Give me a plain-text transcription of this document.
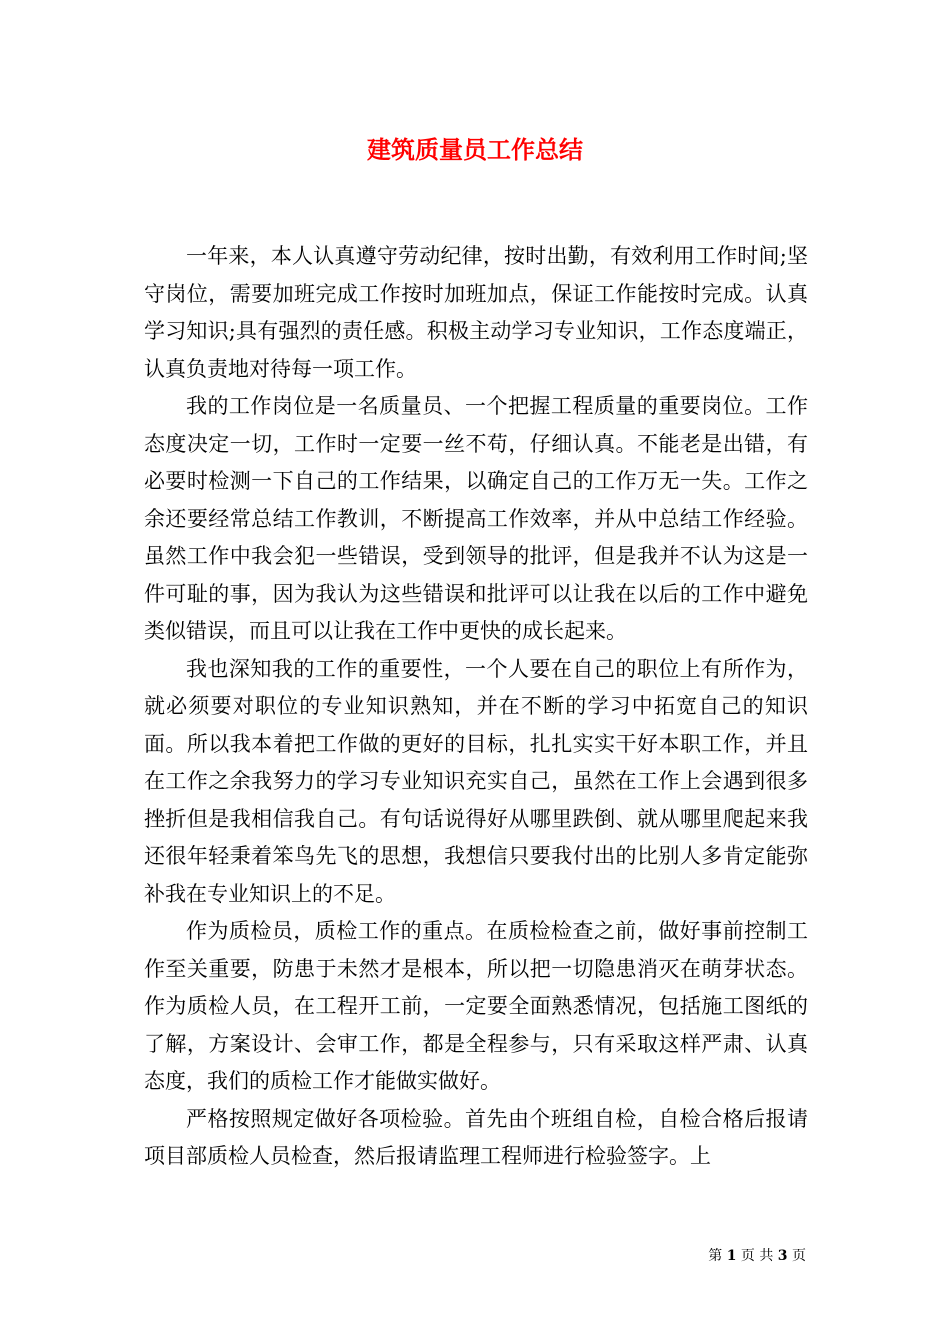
建筑质量员工作总结

一年来，本人认真遵守劳动纪律，按时出勤，有效利用工作时间;坚守岗位，需要加班完成工作按时加班加点，保证工作能按时完成。认真学习知识;具有强烈的责任感。积极主动学习专业知识，工作态度端正，认真负责地对待每一项工作。

我的工作岗位是一名质量员、一个把握工程质量的重要岗位。工作态度决定一切，工作时一定要一丝不苟，仔细认真。不能老是出错，有必要时检测一下自己的工作结果，以确定自己的工作万无一失。工作之余还要经常总结工作教训，不断提高工作效率，并从中总结工作经验。虽然工作中我会犯一些错误，受到领导的批评，但是我并不认为这是一件可耻的事，因为我认为这些错误和批评可以让我在以后的工作中避免类似错误，而且可以让我在工作中更快的成长起来。

我也深知我的工作的重要性，一个人要在自己的职位上有所作为，就必须要对职位的专业知识熟知，并在不断的学习中拓宽自己的知识面。所以我本着把工作做的更好的目标，扎扎实实干好本职工作，并且在工作之余我努力的学习专业知识充实自己，虽然在工作上会遇到很多挫折但是我相信我自己。有句话说得好从哪里跌倒、就从哪里爬起来我还很年轻秉着笨鸟先飞的思想，我想信只要我付出的比别人多肯定能弥补我在专业知识上的不足。

作为质检员，质检工作的重点。在质检检查之前，做好事前控制工作至关重要，防患于未然才是根本，所以把一切隐患消灭在萌芽状态。作为质检人员，在工程开工前，一定要全面熟悉情况，包括施工图纸的了解，方案设计、会审工作，都是全程参与，只有采取这样严肃、认真态度，我们的质检工作才能做实做好。

严格按照规定做好各项检验。首先由个班组自检，自检合格后报请项目部质检人员检查，然后报请监理工程师进行检验签字。上

第 1 页 共 3 页
